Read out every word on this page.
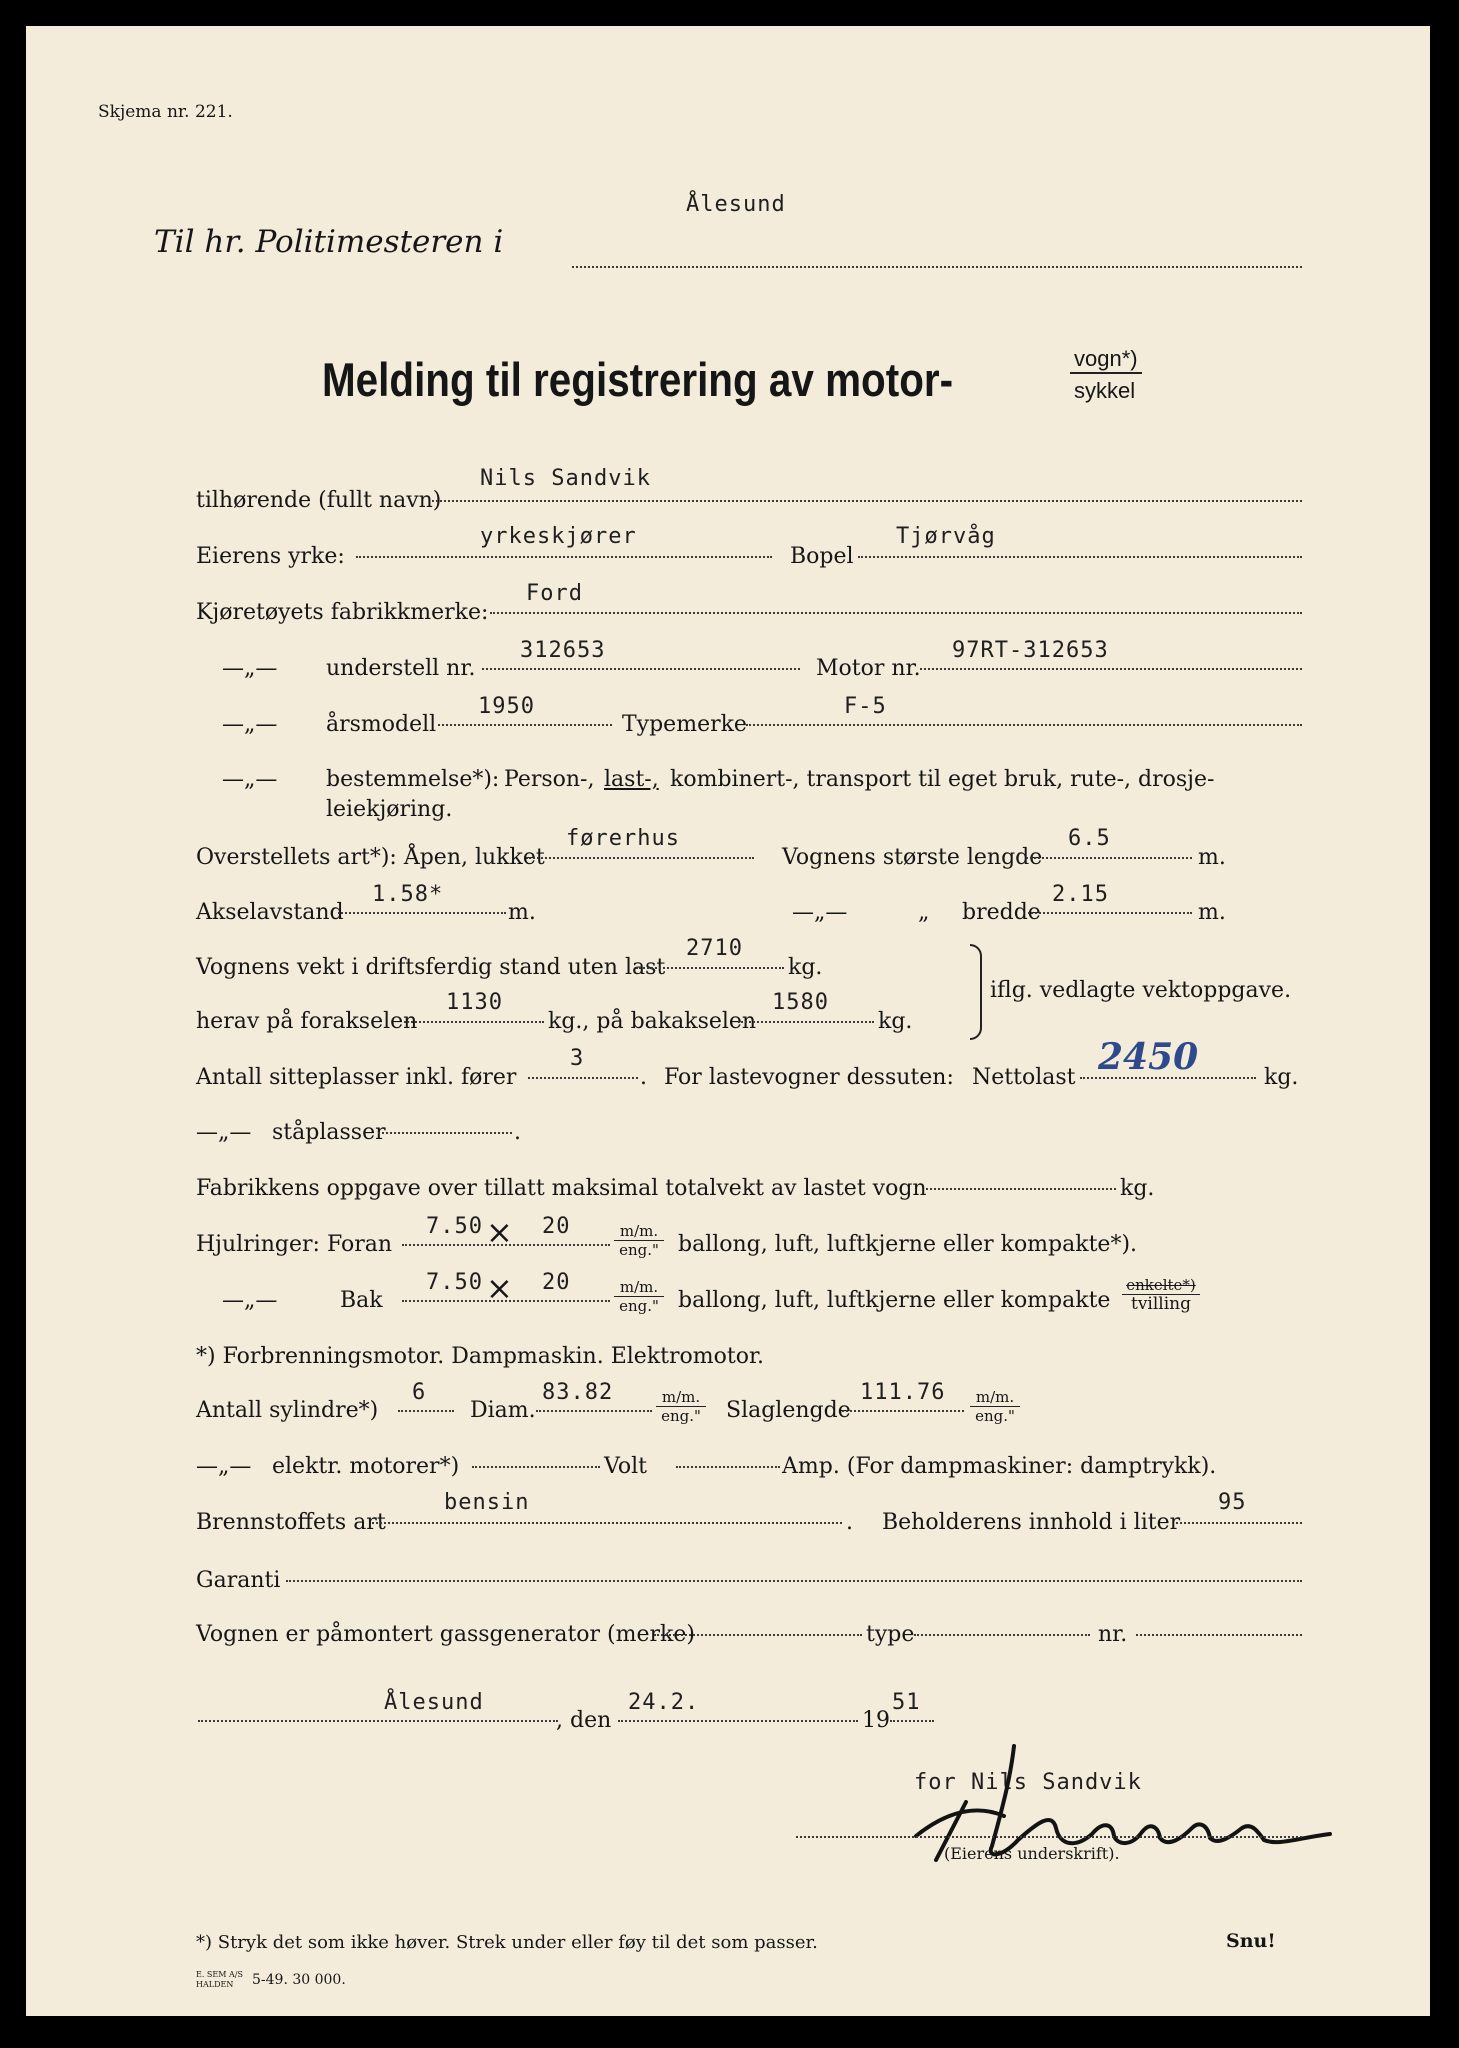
Skjema nr. 221.
Til hr. Politimesteren i
Ålesund
Melding til registrering av motor-	vogn*)
sykkel
tilhørende (fullt navn)
Nils Sandvik
Eierens yrke:
yrkeskjører
Bopel
Tjørvåg
Kjøretøyets fabrikkmerke:
Ford
—„— understell nr.
312653
Motor nr.
97RT-312653
—„— årsmodell
1950
Typemerke
F-5
—„— bestemmelse*): Person-, last-, kombinert-, transport til eget bruk, rute-, drosje-
leiekjøring.
Overstellets art*): Åpen, lukket
førerhus
Vognens største lengde
6.5
m.
Akselavstand
1.58*
m.	—„—	„ bredde
2.15
m.
Vognens vekt i driftsferdig stand uten last
2710
kg.
herav på forakselen
1130
kg., på bakakselen
1580
kg.
iflg. vedlagte vektoppgave.
Antall sitteplasser inkl. fører
3
. For lastevogner dessuten: Nettolast 2450	kg.
—„— ståplasser	.
Fabrikkens oppgave over tillatt maksimal totalvekt av lastet vogn	kg.
Hjulringer: Foran
7.50 × 20	m/m.
eng." ballong, luft, luftkjerne eller kompakte*).
—„—	Bak
7.50 × 20	m/m.
eng." ballong, luft, luftkjerne eller kompakte
enkelte*)
tvilling
*) Forbrenningsmotor. Dampmaskin. Elektromotor.
Antall sylindre*)
6
Diam.
83.82	m/m.
eng." Slaglengde
111.76	m/m.
eng."
—„— elektr. motorer*)	Volt	Amp. (For dampmaskiner: damptrykk).
Brennstoffets art
bensin
. Beholderens innhold i liter
95
Garanti
Vognen er påmontert gassgenerator (merke)	type	nr.
Ålesund
, den
24.2.
19
51
for Nils Sandvik
(Eierens underskrift).
*) Stryk det som ikke høver. Strek under eller føy til det som passer.	Snu!
E. SEM A/S
HALDEN	5-49. 30 000.
